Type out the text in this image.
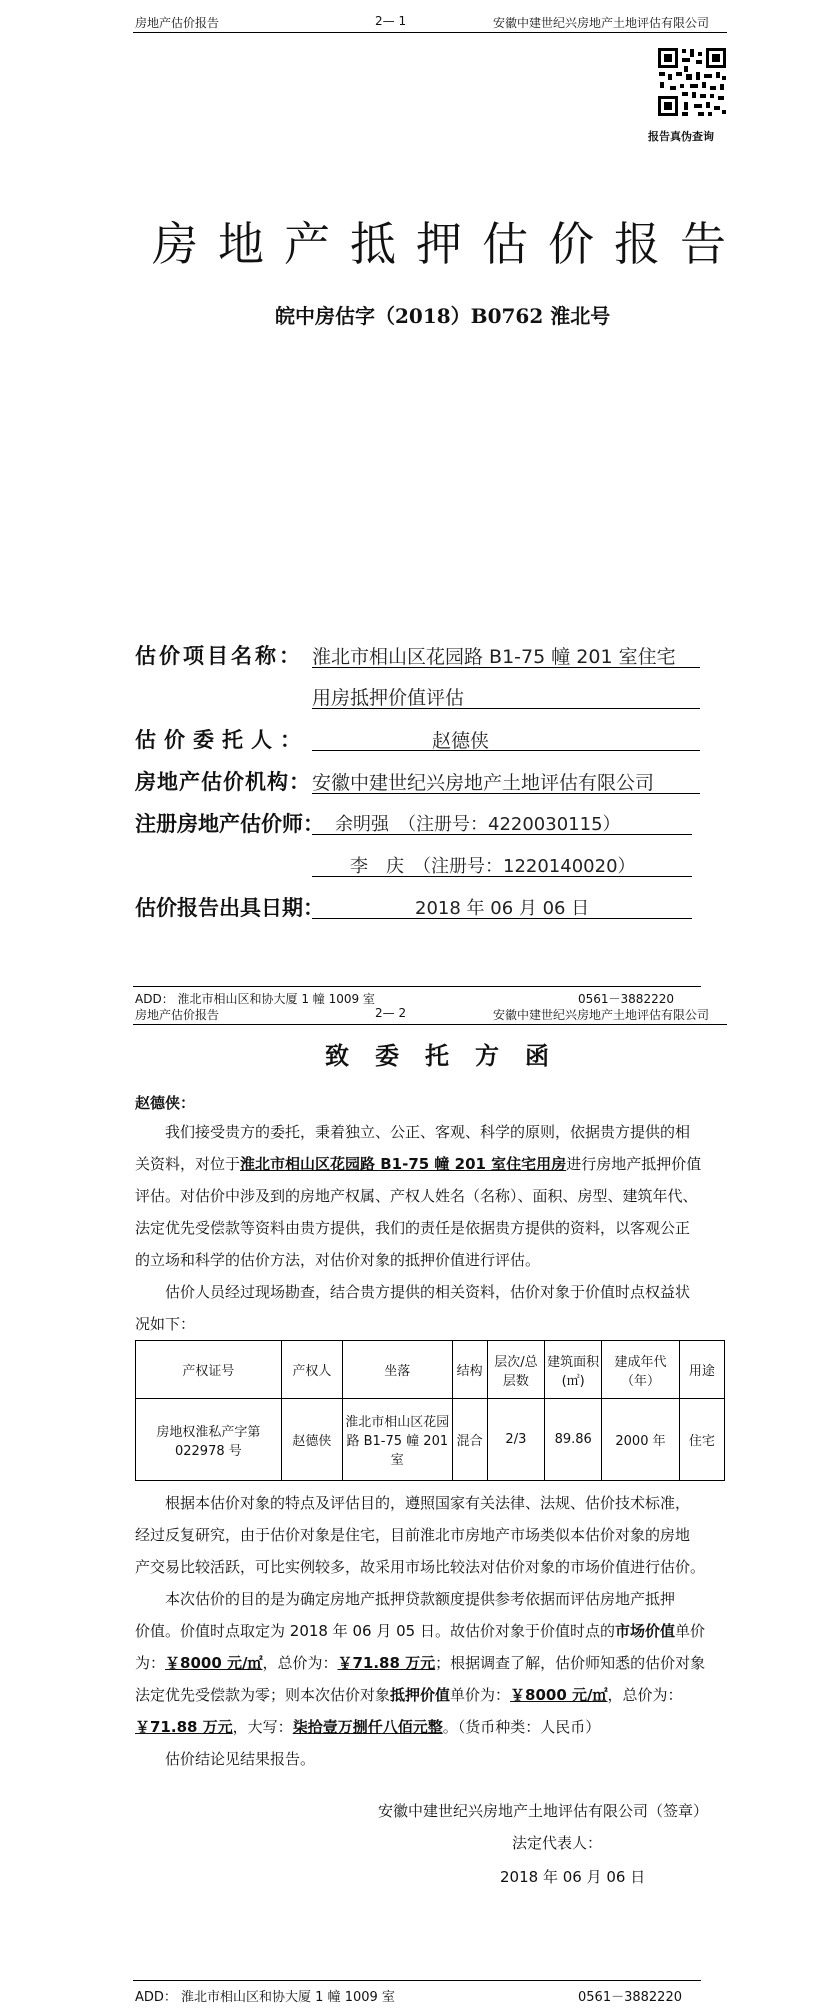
房地产估价报告	2— 1	安徽中建世纪兴房地产土地评估有限公司
报告真伪查询
房地产抵押估价报告
皖中房估字（2018）B0762 淮北号
估价项目名称： 淮北市相山区花园路 B1-75 幢 201 室住宅
用房抵押价值评估
估价委托人：	赵德侠
房地产估价机构： 安徽中建世纪兴房地产土地评估有限公司
注册房地产估价师： 余明强　（注册号：4220030115）
李　庆　（注册号：1220140020）
估价报告出具日期：	2018 年 06 月 06 日
ADD： 淮北市相山区和协大厦 1 幢 1009 室	0561－3882220
房地产估价报告	2— 2	安徽中建世纪兴房地产土地评估有限公司
致委托方函
赵德侠：
我们接受贵方的委托，秉着独立、公正、客观、科学的原则，依据贵方提供的相
关资料，对位于淮北市相山区花园路 B1-75 幢 201 室住宅用房进行房地产抵押价值
评估。对估价中涉及到的房地产权属、产权人姓名（名称）、面积、房型、建筑年代、
法定优先受偿款等资料由贵方提供，我们的责任是依据贵方提供的资料，以客观公正
的立场和科学的估价方法，对估价对象的抵押价值进行评估。
估价人员经过现场勘查，结合贵方提供的相关资料，估价对象于价值时点权益状
况如下：
产权证号	产权人	坐落	结构	层次/总层数	建筑面积(㎡)	建成年代（年）	用途
房地权淮私产字第 022978 号	赵德侠	淮北市相山区花园路 B1-75 幢 201 室	混合	2/3	89.86	2000 年	住宅
根据本估价对象的特点及评估目的，遵照国家有关法律、法规、估价技术标准，
经过反复研究，由于估价对象是住宅，目前淮北市房地产市场类似本估价对象的房地
产交易比较活跃，可比实例较多，故采用市场比较法对估价对象的市场价值进行估价。
本次估价的目的是为确定房地产抵押贷款额度提供参考依据而评估房地产抵押
价值。价值时点取定为 2018 年 06 月 05 日。故估价对象于价值时点的市场价值单价
为：￥8000 元/㎡，总价为：￥71.88 万元；根据调查了解，估价师知悉的估价对象
法定优先受偿款为零；则本次估价对象抵押价值单价为：￥8000 元/㎡，总价为：
￥71.88 万元，大写：柒拾壹万捌仟八佰元整。（货币种类：人民币）
估价结论见结果报告。
安徽中建世纪兴房地产土地评估有限公司（签章）
法定代表人：
2018 年 06 月 06 日
ADD： 淮北市相山区和协大厦 1 幢 1009 室	0561－3882220
